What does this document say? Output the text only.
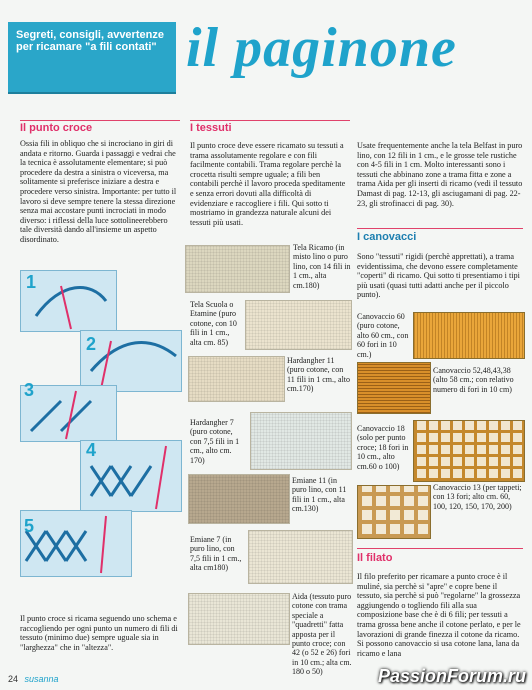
Segreti, consigli, avvertenze per ricamare "a fili contati" il paginone
Il punto croce
Ossia fili in obliquo che si incrociano in giri di andata e ritorno. Guarda i passaggi e vedrai che la tecnica è assolutamente elementare; si può procedere da destra a sinistra o viceversa, ma solitamente si preferisce iniziare a destra e procedere verso sinistra. Importante: per tutto il lavoro si deve sempre tenere la stessa direzione senza mai accostare punti incrociati in modo diverso: i riflessi della luce sottolineerebbero tale diversità dando all'insieme un aspetto disordinato.
1
2
3
4
5
Il punto croce si ricama seguendo uno schema e raccogliendo per ogni punto un numero di fili di tessuto (minimo due) sempre uguale sia in "larghezza" che in "altezza".
I tessuti
Il punto croce deve essere ricamato su tessuti a trama assolutamente regolare e con fili facilmente contabili. Trama regolare perchè la crocetta risulti sempre uguale; a fili ben contabili perchè il lavoro proceda speditamente e senza errori dovuti alla difficoltà di evidenziare e raccogliere i fili. Qui sotto ti mostriamo in grandezza naturale alcuni dei tessuti più usati.
Tela Ricamo (in misto lino o puro lino, con 14 fili in 1 cm., alta cm.180)
Tela Scuola o Etamine (puro cotone, con 10 fili in 1 cm., alta cm. 85)
Hardangher 11 (puro cotone, con 11 fili in 1 cm., alto cm.170)
Hardangher 7 (puro cotone, con 7,5 fili in 1 cm., alto cm. 170)
Emiane 11 (in puro lino, con 11 fili in 1 cm., alta cm.130)
Emiane 7 (in puro lino, con 7,5 fili in 1 cm., alta cm180)
Aida (tessuto puro cotone con trama speciale a "quadretti" fatta apposta per il punto croce; con 42 (o 52 e 26) fori in 10 cm.; alta cm. 180 o 50)
Usate frequentemente anche la tela Belfast in puro lino, con 12 fili in 1 cm., e le grosse tele rustiche con 4-5 fili in 1 cm. Molto interessanti sono i tessuti che abbinano zone a trama fitta e zone a trama Aida per gli inserti di ricamo (vedi il tessuto Damast di pag. 12-13, gli asciugamani di pag. 22-23, gli strofinacci di pag. 30).
I canovacci
Sono "tessuti" rigidi (perchè apprettati), a trama evidentissima, che devono essere completamente "coperti" di ricamo. Qui sotto ti presentiamo i tipi più usati (quasi tutti adatti anche per il piccolo punto).
Canovaccio 60 (puro cotone, alto 60 cm., con 60 fori in 10 cm.)
Canovaccio 52,48,43,38 (alto 58 cm.; con relativo numero di fori in 10 cm)
Canovaccio 18 (solo per punto croce; 18 fori in 10 cm., alto cm.60 o 100)
Canovaccio 13 (per tappeti; con 13 fori; alto cm. 60, 100, 120, 150, 170, 200)
Il filato
Il filo preferito per ricamare a punto croce è il muliné, sia perchè si "apre" e copre bene il tessuto, sia perchè si può "regolarne" la grossezza aggiungendo o togliendo fili alla sua composizione base che è di 6 fili; per tessuti a trama grossa bene anche il cotone perlato, e per le lavorazioni di grande finezza il cotone da ricamo. Si possono canovaccio si usa cotone lana, lana da ricamo e lana
24 susanna	PassionForum.ru
